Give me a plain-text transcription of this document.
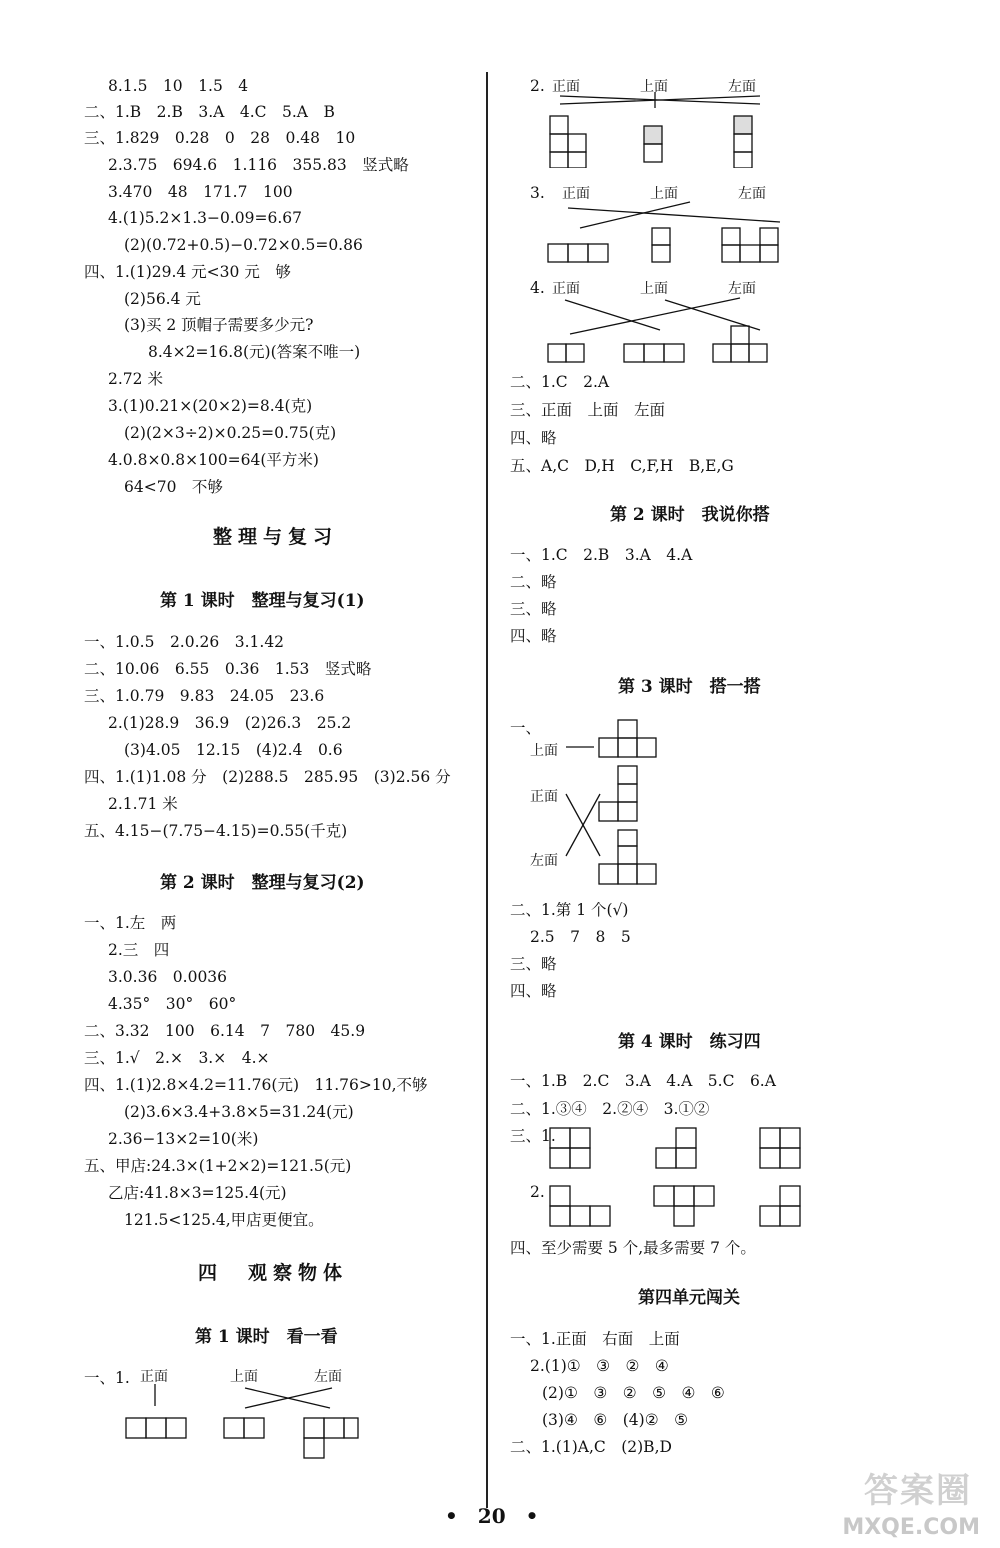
8.1.5　10　1.5　4
二、1.B　2.B　3.A　4.C　5.A　B
三、1.829　0.28　0　28　0.48　10
2.3.75　694.6　1.116　355.83　竖式略
3.470　48　171.7　100
4.(1)5.2×1.3−0.09=6.67
(2)(0.72+0.5)−0.72×0.5=0.86
四、1.(1)29.4 元<30 元　够
(2)56.4 元
(3)买 2 顶帽子需要多少元?
8.4×2=16.8(元)(答案不唯一)
2.72 米
3.(1)0.21×(20×2)=8.4(克)
(2)(2×3÷2)×0.25=0.75(克)
4.0.8×0.8×100=64(平方米)
64<70　不够
整理与复习
第 1 课时　整理与复习(1)
一、1.0.5　2.0.26　3.1.42
二、10.06　6.55　0.36　1.53　竖式略
三、1.0.79　9.83　24.05　23.6
2.(1)28.9　36.9　(2)26.3　25.2
(3)4.05　12.15　(4)2.4　0.6
四、1.(1)1.08 分　(2)288.5　285.95　(3)2.56 分
2.1.71 米
五、4.15−(7.75−4.15)=0.55(千克)
第 2 课时　整理与复习(2)
一、1.左　两
2.三　四
3.0.36　0.0036
4.35°　30°　60°
二、3.32　100　6.14　7　780　45.9
三、1.√　2.×　3.×　4.×
四、1.(1)2.8×4.2=11.76(元)　11.76>10,不够
(2)3.6×3.4+3.8×5=31.24(元)
2.36−13×2=10(米)
五、甲店:24.3×(1+2×2)=121.5(元)
乙店:41.8×3=125.4(元)
121.5<125.4,甲店更便宜。
四　观察物体
第 1 课时　看一看
一、1. 正面	上面	左面
2. 正面	上面	左面
3. 正面	上面	左面
4. 正面	上面	左面
二、1.C　2.A
三、正面　上面　左面
四、略
五、A,C　D,H　C,F,H　B,E,G
第 2 课时　我说你搭
一、1.C　2.B　3.A　4.A
二、略
三、略
四、略
第 3 课时　搭一搭
一、
上面
正面
左面
二、1.第 1 个(√)
2.5　7　8　5
三、略
四、略
第 4 课时　练习四
一、1.B　2.C　3.A　4.A　5.C　6.A
二、1.③④　2.②④　3.①②
三、1.
2.
四、至少需要 5 个,最多需要 7 个。
第四单元闯关
一、1.正面　右面　上面
2.(1)①　③　②　④
(2)①　③　②　⑤　④　⑥
(3)④　⑥　(4)②　⑤
二、1.(1)A,C　(2)B,D
•　20　•
答案圈
MXQE.COM
